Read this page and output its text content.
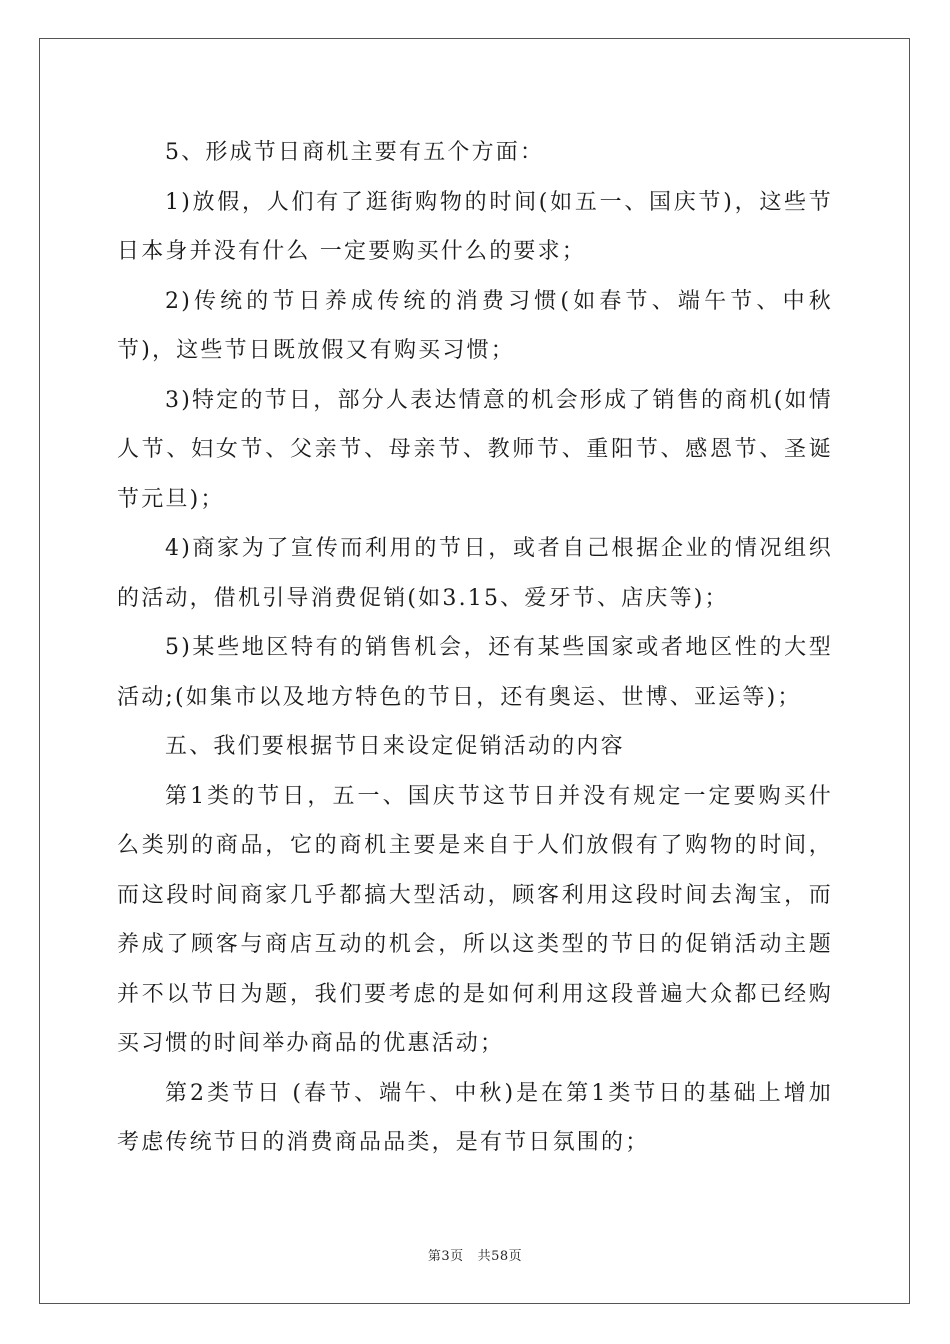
5、形成节日商机主要有五个方面：

1)放假，人们有了逛街购物的时间(如五一、国庆节)，这些节日本身并没有什么 一定要购买什么的要求；

2)传统的节日养成传统的消费习惯(如春节、端午节、中秋节)，这些节日既放假又有购买习惯；

3)特定的节日，部分人表达情意的机会形成了销售的商机(如情人节、妇女节、父亲节、母亲节、教师节、重阳节、感恩节、圣诞节元旦)；

4)商家为了宣传而利用的节日，或者自己根据企业的情况组织的活动，借机引导消费促销(如3.15、爱牙节、店庆等)；

5)某些地区特有的销售机会，还有某些国家或者地区性的大型活动;(如集市以及地方特色的节日，还有奥运、世博、亚运等)；

五、我们要根据节日来设定促销活动的内容

第1类的节日，五一、国庆节这节日并没有规定一定要购买什么类别的商品，它的商机主要是来自于人们放假有了购物的时间，而这段时间商家几乎都搞大型活动，顾客利用这段时间去淘宝，而养成了顾客与商店互动的机会，所以这类型的节日的促销活动主题并不以节日为题，我们要考虑的是如何利用这段普遍大众都已经购买习惯的时间举办商品的优惠活动；

第2类节日 (春节、端午、中秋)是在第1类节日的基础上增加考虑传统节日的消费商品品类，是有节日氛围的；

第3页 共58页
